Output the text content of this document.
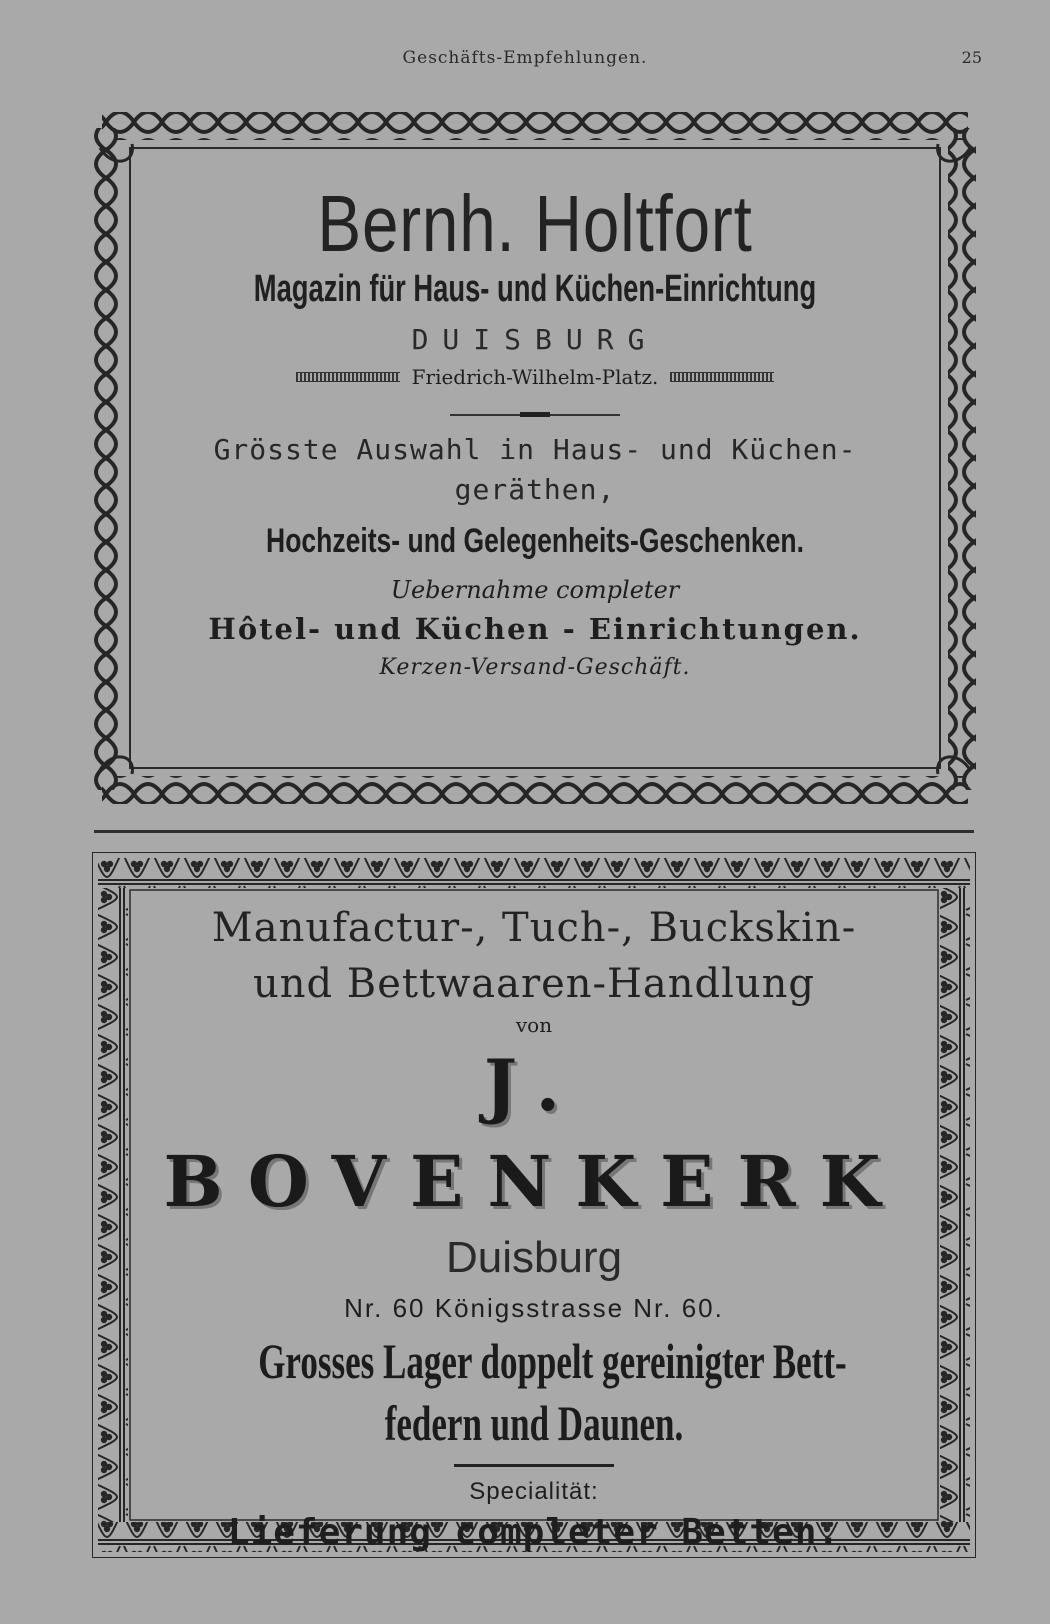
Geschäfts-Empfehlungen.	25
Bernh. Holtfort
Magazin für Haus- und Küchen-Einrichtung
DUISBURG
Friedrich-Wilhelm-Platz.
Grösste Auswahl in Haus- und Küchen-
geräthen,
Hochzeits- und Gelegenheits-Geschenken.
Uebernahme completer
Hôtel- und Küchen - Einrichtungen.
Kerzen-Versand-Geschäft.
Manufactur-, Tuch-, Buckskin-
und Bettwaaren-Handlung
von
J. BOVENKERK
Duisburg
Nr. 60 Königsstrasse Nr. 60.
Grosses Lager doppelt gereinigter Bett-
federn und Daunen.
Specialität:
Lieferung completer Betten.
